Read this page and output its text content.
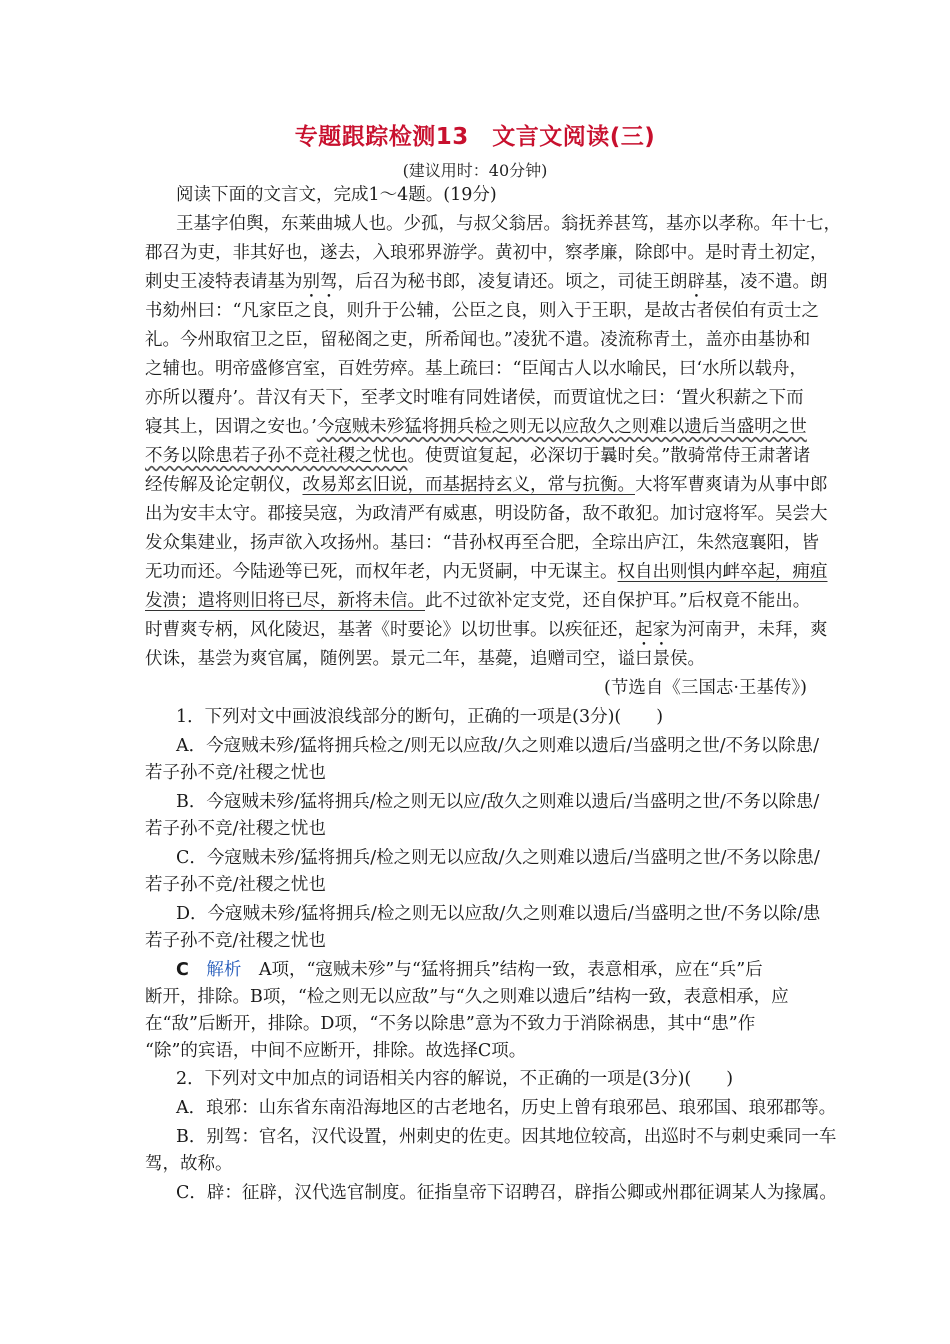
专题跟踪检测13　文言文阅读(三)
(建议用时：40分钟)
阅读下面的文言文，完成1～4题。(19分)
王基字伯舆，东莱曲城人也。少孤，与叔父翁居。翁抚养甚笃，基亦以孝称。年十七，
郡召为吏，非其好也，遂去，入琅邪界游学。黄初中，察孝廉，除郎中。是时青土初定，
刺史王凌特表请基为别驾，后召为秘书郎，凌复请还。顷之，司徒王朗辟基，凌不遣。朗
书劾州曰：“凡家臣之良，则升于公辅，公臣之良，则入于王职，是故古者侯伯有贡士之
礼。今州取宿卫之臣，留秘阁之吏，所希闻也。”凌犹不遣。凌流称青土，盖亦由基协和
之辅也。明帝盛修宫室，百姓劳瘁。基上疏曰：“臣闻古人以水喻民，曰‘水所以载舟，
亦所以覆舟’。昔汉有天下，至孝文时唯有同姓诸侯，而贾谊忧之曰：‘置火积薪之下而
寝其上，因谓之安也。’今寇贼未殄猛将拥兵检之则无以应敌久之则难以遗后当盛明之世
不务以除患若子孙不竞社稷之忧也。使贾谊复起，必深切于曩时矣。”散骑常侍王肃著诸
经传解及论定朝仪，改易郑玄旧说，而基据持玄义，常与抗衡。大将军曹爽请为从事中郎
出为安丰太守。郡接吴寇，为政清严有威惠，明设防备，敌不敢犯。加讨寇将军。吴尝大
发众集建业，扬声欲入攻扬州。基曰：“昔孙权再至合肥，全琮出庐江，朱然寇襄阳，皆
无功而还。今陆逊等已死，而权年老，内无贤嗣，中无谋主。权自出则惧内衅卒起，痈疽
发溃；遣将则旧将已尽，新将未信。此不过欲补定支党，还自保护耳。”后权竟不能出。
时曹爽专柄，风化陵迟，基著《时要论》以切世事。以疾征还，起家为河南尹，未拜，爽
伏诛，基尝为爽官属，随例罢。景元二年，基薨，追赠司空，谥曰景侯。
(节选自《三国志·王基传》)
1．下列对文中画波浪线部分的断句，正确的一项是(3分)(　　)
A．今寇贼未殄/猛将拥兵检之/则无以应敌/久之则难以遗后/当盛明之世/不务以除患/
若子孙不竞/社稷之忧也
B．今寇贼未殄/猛将拥兵/检之则无以应/敌久之则难以遗后/当盛明之世/不务以除患/
若子孙不竞/社稷之忧也
C．今寇贼未殄/猛将拥兵/检之则无以应敌/久之则难以遗后/当盛明之世/不务以除患/
若子孙不竞/社稷之忧也
D．今寇贼未殄/猛将拥兵/检之则无以应敌/久之则难以遗后/当盛明之世/不务以除/患
若子孙不竞/社稷之忧也
C　 解析　 A项，“寇贼未殄”与“猛将拥兵”结构一致，表意相承，应在“兵”后
断开，排除。B项，“检之则无以应敌”与“久之则难以遗后”结构一致，表意相承，应
在“敌”后断开，排除。D项，“不务以除患”意为不致力于消除祸患，其中“患”作
“除”的宾语，中间不应断开，排除。故选择C项。
2．下列对文中加点的词语相关内容的解说，不正确的一项是(3分)(　　)
A．琅邪：山东省东南沿海地区的古老地名，历史上曾有琅邪邑、琅邪国、琅邪郡等。
B．别驾：官名，汉代设置，州刺史的佐吏。因其地位较高，出巡时不与刺史乘同一车
驾，故称。
C．辟：征辟，汉代选官制度。征指皇帝下诏聘召，辟指公卿或州郡征调某人为掾属。
